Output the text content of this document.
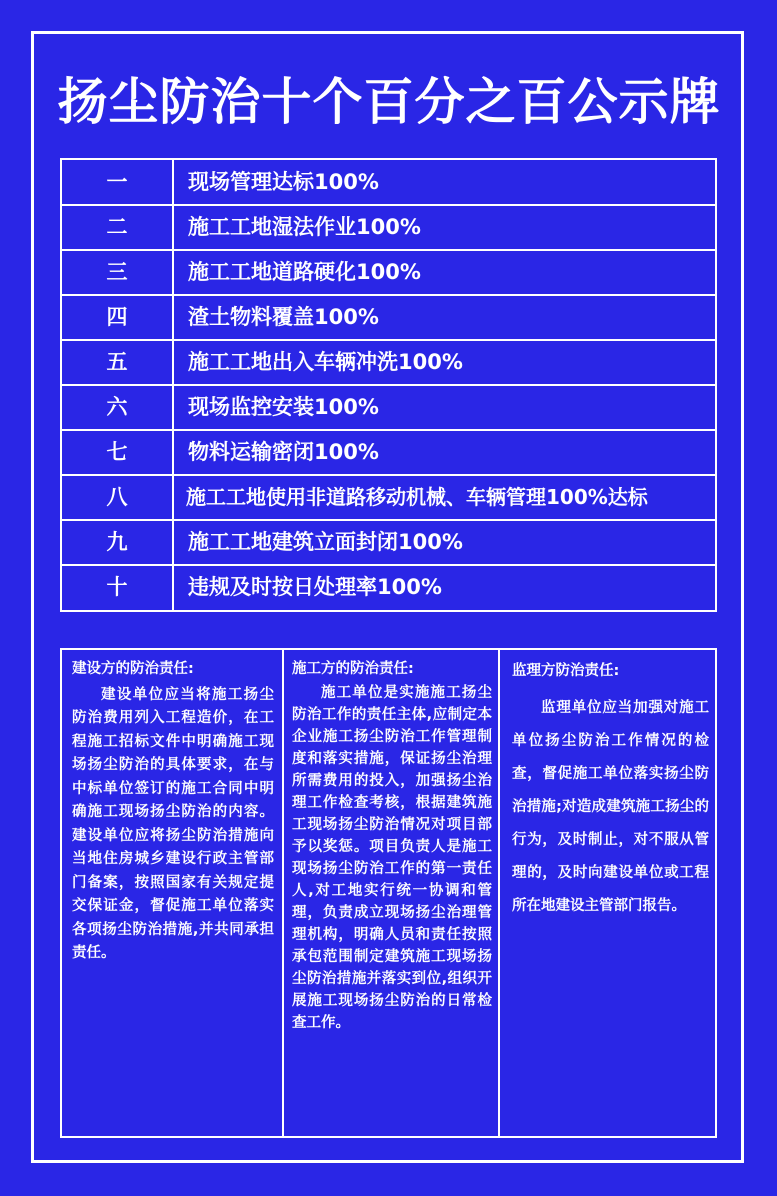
扬尘防治十个百分之百公示牌
一	现场管理达标100%
二	施工工地湿法作业100%
三	施工工地道路硬化100%
四	渣土物料覆盖100%
五	施工工地出入车辆冲洗100%
六	现场监控安装100%
七	物料运输密闭100%
八	施工工地使用非道路移动机械、车辆管理100%达标
九	施工工地建筑立面封闭100%
十	违规及时按日处理率100%
建设方的防治责任:
建设单位应当将施工扬尘防治费用列入工程造价，在工程施工招标文件中明确施工现场扬尘防治的具体要求，在与中标单位签订的施工合同中明确施工现场扬尘防治的内容。建设单位应将扬尘防治措施向当地住房城乡建设行政主管部门备案，按照国家有关规定提交保证金，督促施工单位落实各项扬尘防治措施,并共同承担责任。
施工方的防治责任:
施工单位是实施施工扬尘防治工作的责任主体,应制定本企业施工扬尘防治工作管理制度和落实措施，保证扬尘治理所需费用的投入，加强扬尘治理工作检查考核，根据建筑施工现场扬尘防治情况对项目部予以奖惩。项目负责人是施工现场扬尘防治工作的第一责任人,对工地实行统一协调和管理，负责成立现场扬尘治理管理机构，明确人员和责任按照承包范围制定建筑施工现场扬尘防治措施并落实到位,组织开展施工现场扬尘防治的日常检查工作。
监理方防治责任:
监理单位应当加强对施工单位扬尘防治工作情况的检查，督促施工单位落实扬尘防治措施;对造成建筑施工扬尘的行为，及时制止，对不服从管理的，及时向建设单位或工程所在地建设主管部门报告。
